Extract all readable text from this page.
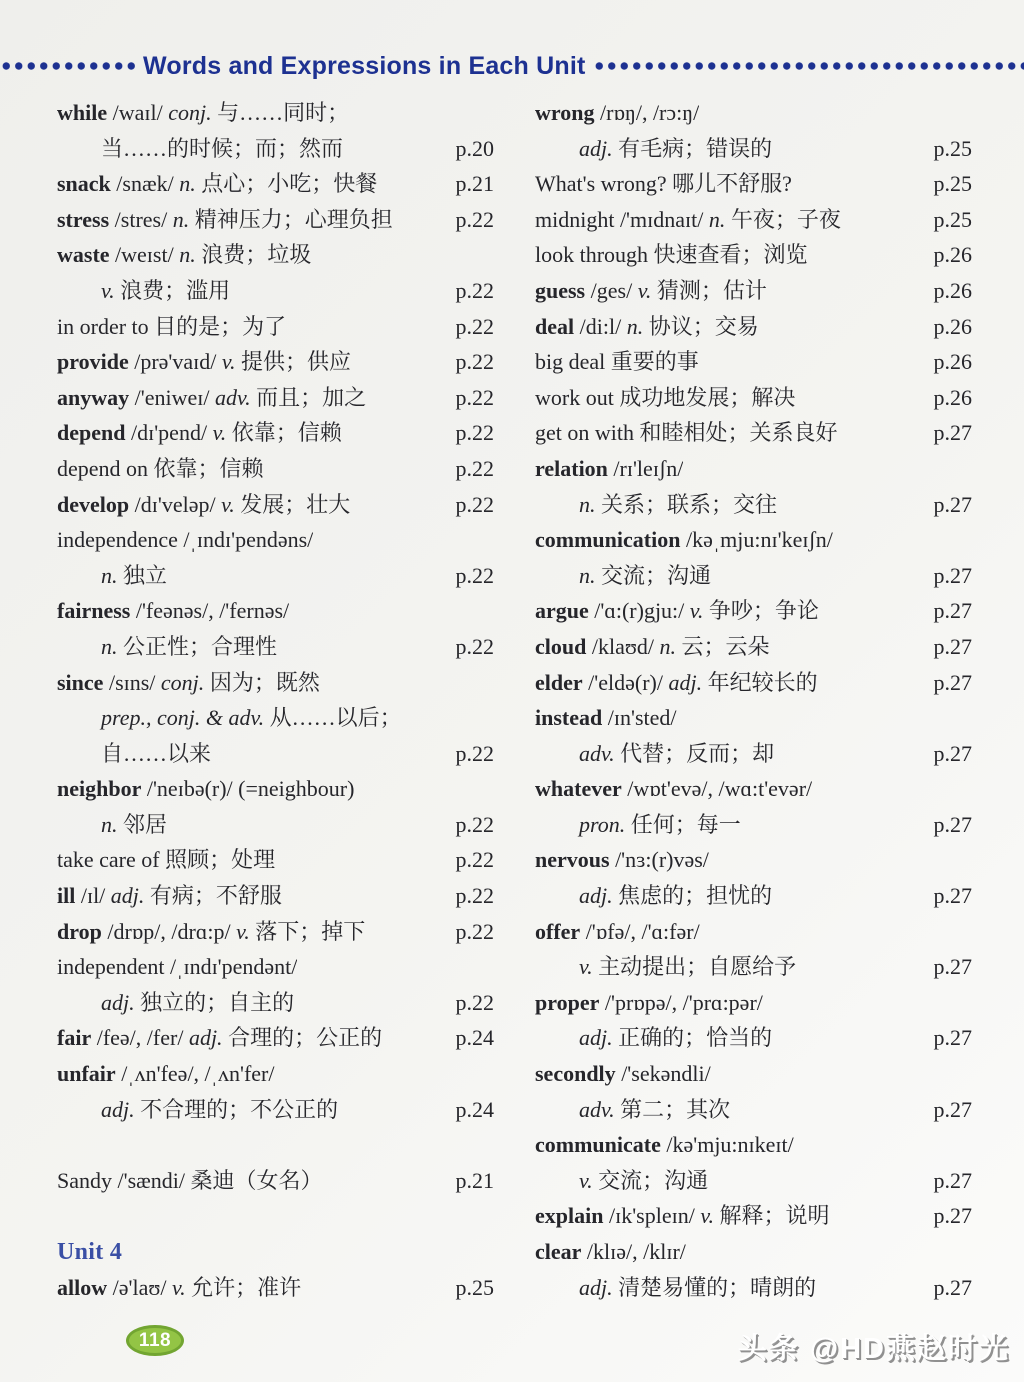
Words and Expressions in Each Unit
while /waɪl/ conj. 与……同时；
当……的时候；而；然而	p.20
snack /snæk/ n. 点心；小吃；快餐	p.21
stress /stres/ n. 精神压力；心理负担	p.22
waste /weɪst/ n. 浪费；垃圾
v. 浪费；滥用	p.22
in order to 目的是；为了	p.22
provide /prə'vaɪd/ v. 提供；供应	p.22
anyway /'eniweɪ/ adv. 而且；加之	p.22
depend /dɪ'pend/ v. 依靠；信赖	p.22
depend on 依靠；信赖	p.22
develop /dɪ'veləp/ v. 发展；壮大	p.22
independence /ˌɪndɪ'pendəns/
n. 独立	p.22
fairness /'feənəs/, /'fernəs/
n. 公正性；合理性	p.22
since /sɪns/ conj. 因为；既然
prep., conj. & adv. 从……以后；
自……以来	p.22
neighbor /'neɪbə(r)/ (=neighbour)
n. 邻居	p.22
take care of 照顾；处理	p.22
ill /ɪl/ adj. 有病；不舒服	p.22
drop /drɒp/, /drɑ:p/ v. 落下；掉下	p.22
independent /ˌɪndɪ'pendənt/
adj. 独立的；自主的	p.22
fair /feə/, /fer/ adj. 合理的；公正的	p.24
unfair /ˌʌn'feə/, /ˌʌn'fer/
adj. 不合理的；不公正的	p.24
Sandy /'sændi/ 桑迪（女名）	p.21
Unit 4
allow /ə'laʊ/ v. 允许；准许	p.25
wrong /rɒŋ/, /rɔ:ŋ/
adj. 有毛病；错误的	p.25
What's wrong? 哪儿不舒服?	p.25
midnight /'mɪdnaɪt/ n. 午夜；子夜	p.25
look through 快速查看；浏览	p.26
guess /ges/ v. 猜测；估计	p.26
deal /di:l/ n. 协议；交易	p.26
big deal 重要的事	p.26
work out 成功地发展；解决	p.26
get on with 和睦相处；关系良好	p.27
relation /rɪ'leɪʃn/
n. 关系；联系；交往	p.27
communication /kəˌmju:nɪ'keɪʃn/
n. 交流；沟通	p.27
argue /'ɑ:(r)gju:/ v. 争吵；争论	p.27
cloud /klaʊd/ n. 云；云朵	p.27
elder /'eldə(r)/ adj. 年纪较长的	p.27
instead /ɪn'sted/
adv. 代替；反而；却	p.27
whatever /wɒt'evə/, /wɑ:t'evər/
pron. 任何；每一	p.27
nervous /'nɜ:(r)vəs/
adj. 焦虑的；担忧的	p.27
offer /'ɒfə/, /'ɑ:fər/
v. 主动提出；自愿给予	p.27
proper /'prɒpə/, /'prɑ:pər/
adj. 正确的；恰当的	p.27
secondly /'sekəndli/
adv. 第二；其次	p.27
communicate /kə'mju:nɪkeɪt/
v. 交流；沟通	p.27
explain /ɪk'spleɪn/ v. 解释；说明	p.27
clear /klɪə/, /klɪr/
adj. 清楚易懂的；晴朗的	p.27
118	头条 @HD燕赵时光
